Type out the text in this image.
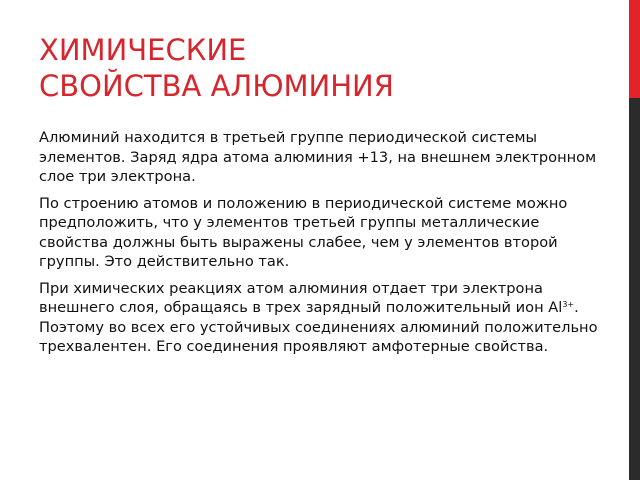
ХИМИЧЕСКИЕ
СВОЙСТВА АЛЮМИНИЯ

Алюминий находится в третьей группе периодической системы элементов. Заряд ядра атома алюминия +13, на внешнем электронном слое три электрона.

По строению атомов и положению в периодической системе можно предположить, что у элементов третьей группы металлические свойства должны быть выражены слабее, чем у элементов второй группы. Это действительно так.

При химических реакциях атом алюминия отдает три электрона внешнего слоя, обращаясь в трех зарядный положительный ион $Al^{3+}$. Поэтому во всех его устойчивых соединениях алюминий положительно трехвалентен. Его соединения проявляют амфотерные свойства.
